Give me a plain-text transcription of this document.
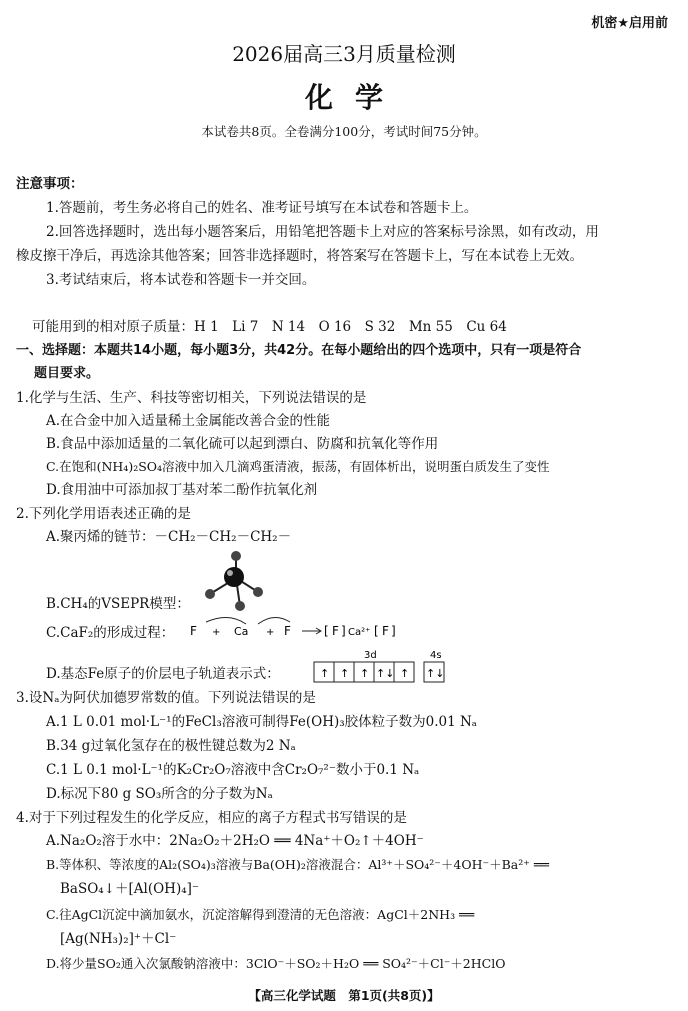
机密★启用前
2026届高三3月质量检测
化学
本试卷共8页。全卷满分100分，考试时间75分钟。
注意事项：
1.答题前，考生务必将自己的姓名、准考证号填写在本试卷和答题卡上。
2.回答选择题时，选出每小题答案后，用铅笔把答题卡上对应的答案标号涂黑，如有改动，用
橡皮擦干净后，再选涂其他答案；回答非选择题时，将答案写在答题卡上，写在本试卷上无效。
3.考试结束后，将本试卷和答题卡一并交回。
可能用到的相对原子质量：H 1　Li 7　N 14　O 16　S 32　Mn 55　Cu 64
一、选择题：本题共14小题，每小题3分，共42分。在每小题给出的四个选项中，只有一项是符合
题目要求。
1.化学与生活、生产、科技等密切相关，下列说法错误的是
A.在合金中加入适量稀土金属能改善合金的性能
B.食品中添加适量的二氧化硫可以起到漂白、防腐和抗氧化等作用
C.在饱和(NH₄)₂SO₄溶液中加入几滴鸡蛋清液，振荡，有固体析出，说明蛋白质发生了变性
D.食用油中可添加叔丁基对苯二酚作抗氧化剂
2.下列化学用语表述正确的是
A.聚丙烯的链节：－CH₂－CH₂－CH₂－
B.CH₄的VSEPR模型：
C.CaF₂的形成过程： F + Ca + F	F Ca²⁺ F
[ ] [ ]
D.基态Fe原子的价层电子轨道表示式：
3d	4s
↑ ↑ ↑ ↑↓ ↑ ↑↓
3.设Nₐ为阿伏加德罗常数的值。下列说法错误的是
A.1 L 0.01 mol·L⁻¹的FeCl₃溶液可制得Fe(OH)₃胶体粒子数为0.01 Nₐ
B.34 g过氧化氢存在的极性键总数为2 Nₐ
C.1 L 0.1 mol·L⁻¹的K₂Cr₂O₇溶液中含Cr₂O₇²⁻数小于0.1 Nₐ
D.标况下80 g SO₃所含的分子数为Nₐ
4.对于下列过程发生的化学反应，相应的离子方程式书写错误的是
A.Na₂O₂溶于水中：2Na₂O₂＋2H₂O ══ 4Na⁺＋O₂↑＋4OH⁻
B.等体积、等浓度的Al₂(SO₄)₃溶液与Ba(OH)₂溶液混合：Al³⁺＋SO₄²⁻＋4OH⁻＋Ba²⁺ ══
BaSO₄↓＋[Al(OH)₄]⁻
C.往AgCl沉淀中滴加氨水，沉淀溶解得到澄清的无色溶液：AgCl＋2NH₃ ══
[Ag(NH₃)₂]⁺＋Cl⁻
D.将少量SO₂通入次氯酸钠溶液中：3ClO⁻＋SO₂＋H₂O ══ SO₄²⁻＋Cl⁻＋2HClO
【高三化学试题　第1页(共8页)】
